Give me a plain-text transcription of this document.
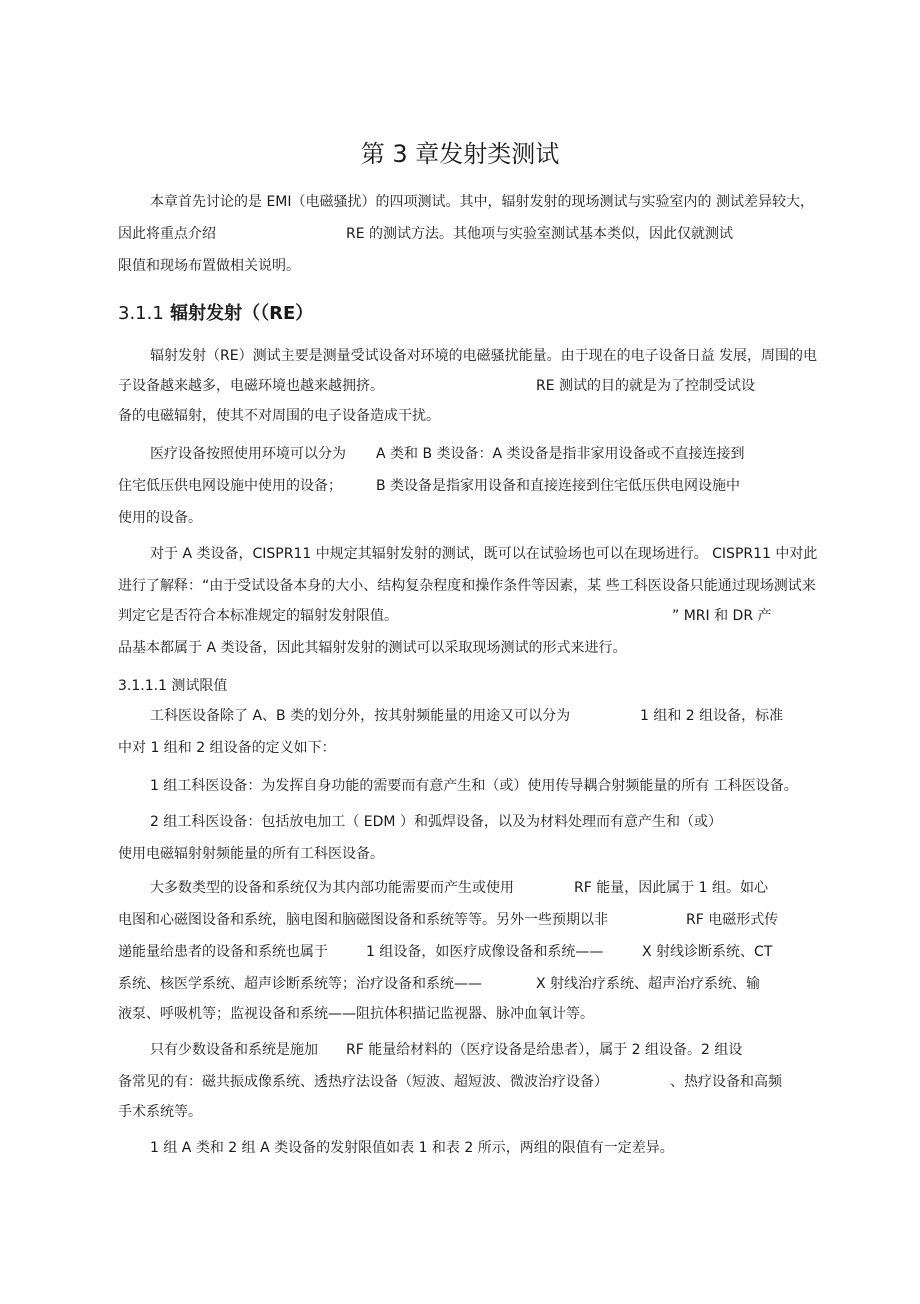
第 3 章发射类测试
本章首先讨论的是 EMI（电磁骚扰）的四项测试。其中，辐射发射的现场测试与实验室内的 测试差异较大，
因此将重点介绍	RE 的测试方法。其他项与实验室测试基本类似，因此仅就测试
限值和现场布置做相关说明。
3.1.1 辐射发射（（RE）
辐射发射（RE）测试主要是测量受试设备对环境的电磁骚扰能量。由于现在的电子设备日益 发展，周围的电
子设备越来越多，电磁环境也越来越拥挤。	RE 测试的目的就是为了控制受试设
备的电磁辐射，使其不对周围的电子设备造成干扰。
医疗设备按照使用环境可以分为 A 类和 B 类设备：A 类设备是指非家用设备或不直接连接到
住宅低压供电网设施中使用的设备； B 类设备是指家用设备和直接连接到住宅低压供电网设施中
使用的设备。
对于 A 类设备，CISPR11 中规定其辐射发射的测试，既可以在试验场也可以在现场进行。 CISPR11 中对此
进行了解释：“由于受试设备本身的大小、结构复杂程度和操作条件等因素，某 些工科医设备只能通过现场测试来
判定它是否符合本标准规定的辐射发射限值。	” MRI 和 DR 产
品基本都属于 A 类设备，因此其辐射发射的测试可以采取现场测试的形式来进行。
3.1.1.1 测试限值
工科医设备除了 A、B 类的划分外，按其射频能量的用途又可以分为	1 组和 2 组设备，标准
中对 1 组和 2 组设备的定义如下：
1 组工科医设备：为发挥自身功能的需要而有意产生和（或）使用传导耦合射频能量的所有 工科医设备。
2 组工科医设备：包括放电加工（ EDM ）和弧焊设备，以及为材料处理而有意产生和（或）
使用电磁辐射射频能量的所有工科医设备。
大多数类型的设备和系统仅为其内部功能需要而产生或使用	RF 能量，因此属于 1 组。如心
电图和心磁图设备和系统，脑电图和脑磁图设备和系统等等。另外一些预期以非	RF 电磁形式传
递能量给患者的设备和系统也属于	1 组设备，如医疗成像设备和系统——	X 射线诊断系统、CT
系统、核医学系统、超声诊断系统等；治疗设备和系统——	X 射线治疗系统、超声治疗系统、输
液泵、呼吸机等；监视设备和系统——阻抗体积描记监视器、脉冲血氧计等。
只有少数设备和系统是施加 RF 能量给材料的（医疗设备是给患者），属于 2 组设备。2 组设
备常见的有：磁共振成像系统、透热疗法设备（短波、超短波、微波治疗设备）	、热疗设备和高频
手术系统等。
1 组 A 类和 2 组 A 类设备的发射限值如表 1 和表 2 所示，两组的限值有一定差异。
